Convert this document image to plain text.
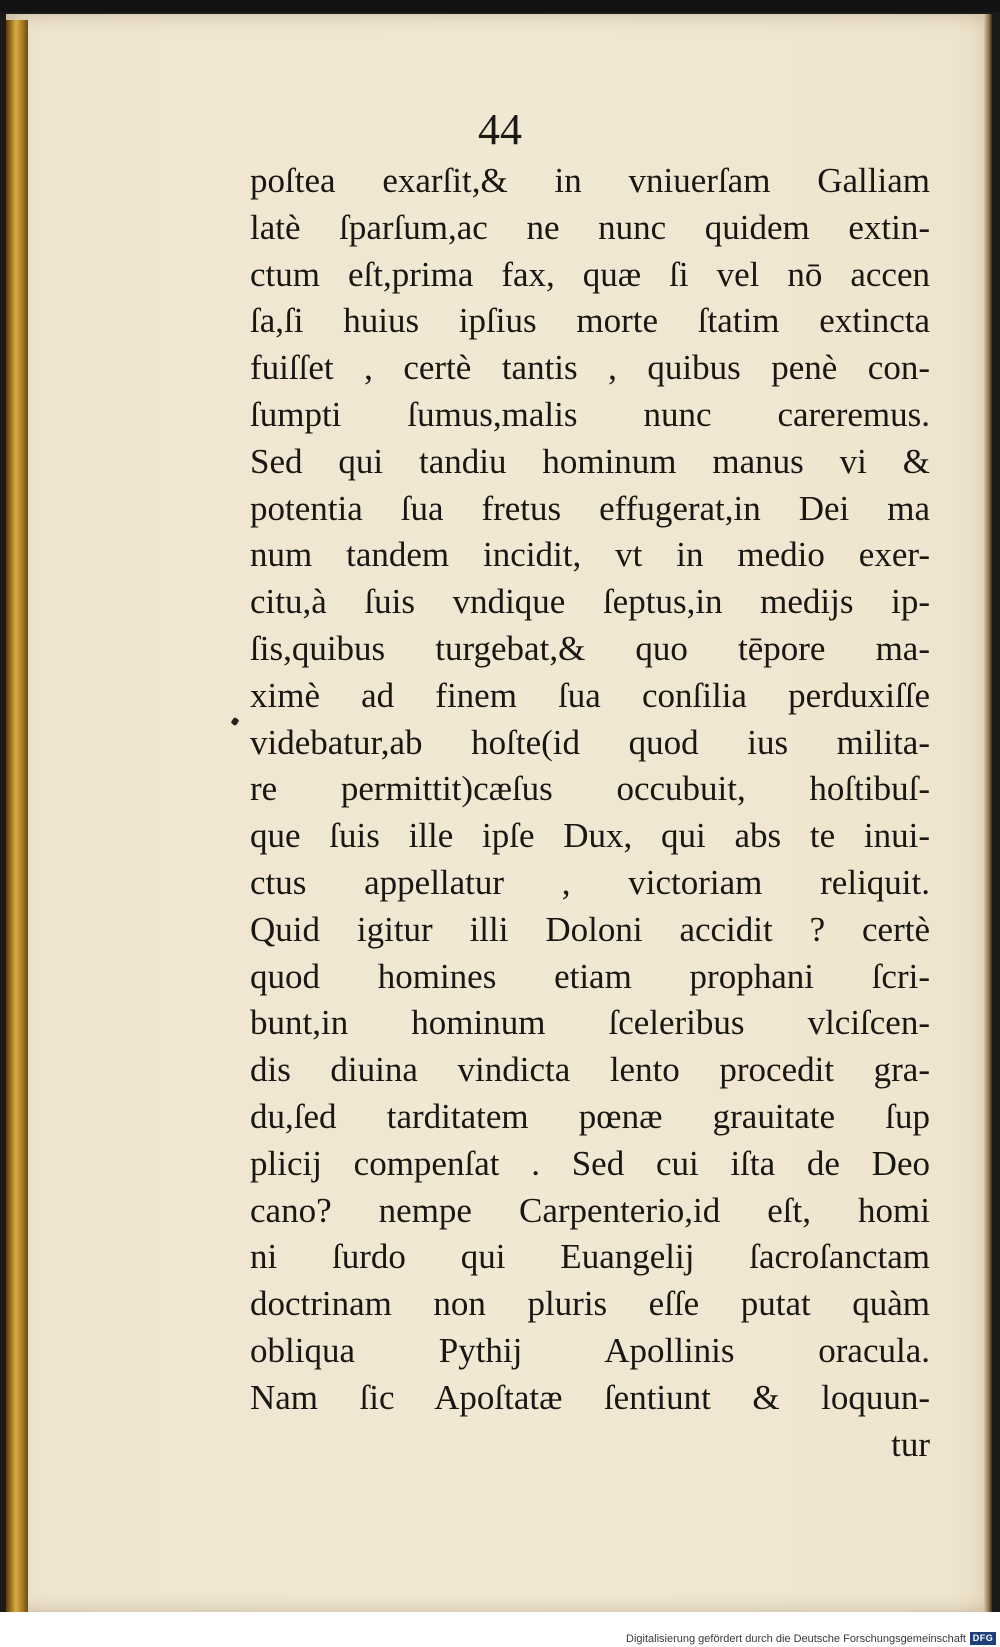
44
poſtea exarſit,& in vniuerſam Galliam
latè ſparſum,ac ne nunc quidem extin-
ctum eſt,prima fax, quæ ſi vel nō accen
ſa,ſi huius ipſius morte ſtatim extincta
fuiſſet , certè tantis , quibus penè con-
ſumpti ſumus,malis nunc careremus.
Sed qui tandiu hominum manus vi &
potentia ſua fretus effugerat,in Dei ma
num tandem incidit, vt in medio exer-
citu,à ſuis vndique ſeptus,in medijs ip-
ſis,quibus turgebat,& quo tēpore ma-
ximè ad finem ſua conſilia perduxiſſe
videbatur,ab hoſte(id quod ius milita-
re permittit)cæſus occubuit, hoſtibuſ-
que ſuis ille ipſe Dux, qui abs te inui-
ctus appellatur , victoriam reliquit.
Quid igitur illi Doloni accidit ? certè
quod homines etiam prophani ſcri-
bunt,in hominum ſceleribus vlciſcen-
dis diuina vindicta lento procedit gra-
du,ſed tarditatem pœnæ grauitate ſup
plicij compenſat . Sed cui iſta de Deo
cano? nempe Carpenterio,id eſt, homi
ni ſurdo qui Euangelij ſacroſanctam
doctrinam non pluris eſſe putat quàm
obliqua Pythij Apollinis oracula.
Nam ſic Apoſtatæ ſentiunt & loquun-
tur
Digitalisierung gefördert durch die Deutsche Forschungsgemeinschaft DFG
